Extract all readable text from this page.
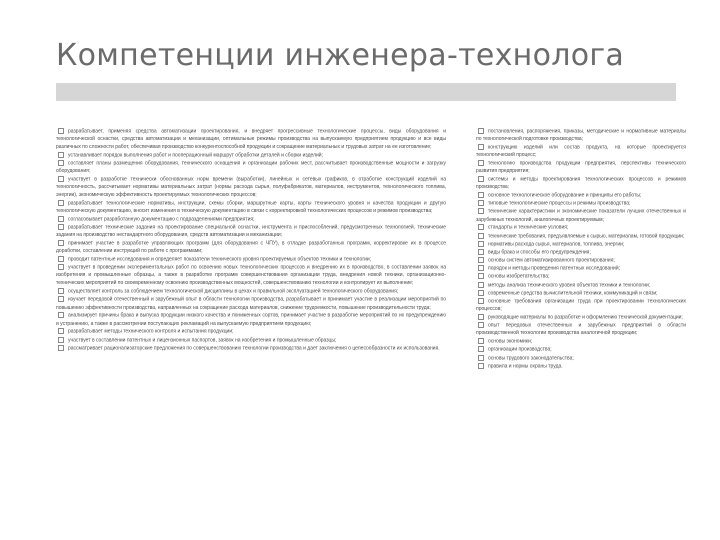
Компетенции инженера-технолога
разрабатывает, применяя средства автоматизации проектирования, и внедряет прогрессивные технологические процессы, виды оборудования и технологической оснастки, средства автоматизации и механизации, оптимальные режимы производства на выпускаемую предприятием продукцию и все виды различных по сложности работ, обеспечивая производство конкурентоспособной продукции и сокращение материальных и трудовых затрат на ее изготовление;
устанавливает порядок выполнения работ и пооперационный маршрут обработки деталей и сборки изделий;
составляет планы размещения оборудования, технического оснащения и организации рабочих мест, рассчитывает производственные мощности и загрузку оборудования;
участвует в разработке технически обоснованных норм времени (выработки), линейных и сетевых графиков, в отработке конструкций изделий на технологичность, рассчитывает нормативы материальных затрат (нормы расхода сырья, полуфабрикатов, материалов, инструментов, технологического топлива, энергии), экономическую эффективность проектируемых технологических процессов;
разрабатывает технологические нормативы, инструкции, схемы сборки, маршрутные карты, карты технического уровня и качества продукции и другую технологическую документацию, вносит изменения в техническую документацию в связи с корректировкой технологических процессов и режимов производства;
согласовывает разработанную документацию с подразделениями предприятия;
разрабатывает технические задания на проектирование специальной оснастки, инструмента и приспособлений, предусмотренных технологией, технические задания на производство нестандартного оборудования, средств автоматизации и механизации;
принимает участие в разработке управляющих программ (для оборудования с ЧПУ), в отладке разработанных программ, корректировке их в процессе доработки, составлении инструкций по работе с программами;
проводит патентные исследования и определяет показатели технического уровня проектируемых объектов техники и технологии;
участвует в проведении экспериментальных работ по освоению новых технологических процессов и внедрению их в производство, в составлении заявок на изобретения и промышленные образцы, а также в разработке программ совершенствования организации труда, внедрения новой техники, организационно-технических мероприятий по своевременному освоению производственных мощностей, совершенствованию технологии и контролирует их выполнение;
осуществляет контроль за соблюдением технологической дисциплины в цехах и правильной эксплуатацией технологического оборудования;
изучает передовой отечественный и зарубежный опыт в области технологии производства, разрабатывает и принимает участие в реализации мероприятий по повышению эффективности производства, направленных на сокращение расхода материалов, снижение трудоемкости, повышение производительности труда;
анализирует причины брака и выпуска продукции низкого качества и пониженных сортов, принимает участие в разработке мероприятий по их предупреждению и устранению, а также в рассмотрении поступающих рекламаций на выпускаемую предприятием продукцию;
разрабатывает методы технического контроля и испытания продукции;
участвует в составлении патентных и лицензионных паспортов, заявок на изобретения и промышленные образцы;
рассматривает рационализаторские предложения по совершенствованию технологии производства и дает заключения о целесообразности их использования.
постановления, распоряжения, приказы, методические и нормативные материалы по технологической подготовке производства;
конструкцию изделий или состав продукта, на которые проектируется технологический процесс;
технологию производства продукции предприятия, перспективы технического развития предприятия;
системы и методы проектирования технологических процессов и режимов производства;
основное технологическое оборудование и принципы его работы;
типовые технологические процессы и режимы производства;
технические характеристики и экономические показатели лучших отечественных и зарубежных технологий, аналогичных проектируемым;
стандарты и технические условия;
технические требования, предъявляемые к сырью, материалам, готовой продукции;
нормативы расхода сырья, материалов, топлива, энергии;
виды брака и способы его предупреждения;
основы систем автоматизированного проектирования;
порядок и методы проведения патентных исследований;
основы изобретательства;
методы анализа технического уровня объектов техники и технологии;
современные средства вычислительной техники, коммуникаций и связи;
основные требования организации труда при проектировании технологических процессов;
руководящие материалы по разработке и оформлению технической документации;
опыт передовых отечественных и зарубежных предприятий в области производственной технологии производства аналогичной продукции;
основы экономики;
организации производства;
основы трудового законодательства;
правила и нормы охраны труда.
